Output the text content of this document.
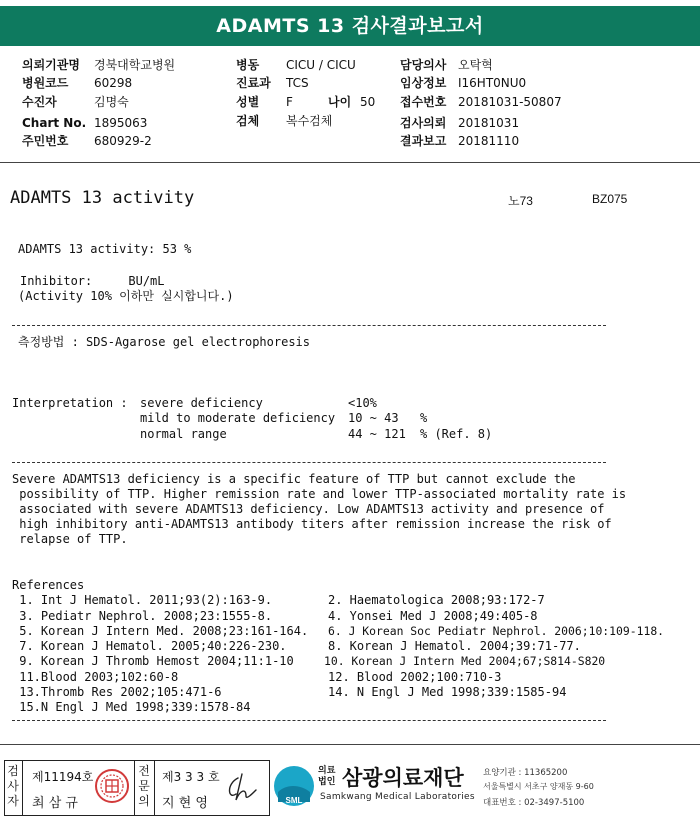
ADAMTS 13 검사결과보고서
의뢰기관명 경북대학교병원
병원코드 60298
수진자	김명숙
Chart No. 1895063
주민번호 680929-2
병동 CICU / CICU
진료과 TCS
성별 F	나이 50
검체 복수검체
담당의사 오탁혁
임상정보 I16HT0NU0
접수번호 20181031-50807
검사의뢰 20181031
결과보고 20181110
ADAMTS 13 activity	노73	BZ075
ADAMTS 13 activity: 53 %
Inhibitor:     BU/mL
(Activity 10% 이하만 실시합니다.)
측정방법 : SDS-Agarose gel electrophoresis
Interpretation : severe deficiency	<10%
mild to moderate deficiency 10 ~ 43 %
normal range	44 ~ 121 % (Ref. 8)
Severe ADAMTS13 deficiency is a specific feature of TTP but cannot exclude the
possibility of TTP. Higher remission rate and lower TTP-associated mortality rate is
associated with severe ADAMTS13 deficiency. Low ADAMTS13 activity and presence of
high inhibitory anti-ADAMTS13 antibody titers after remission increase the risk of
relapse of TTP.
References
1. Int J Hematol. 2011;93(2):163-9.
3. Pediatr Nephrol. 2008;23:1555-8.
5. Korean J Intern Med. 2008;23:161-164.
7. Korean J Hematol. 2005;40:226-230.
9. Korean J Thromb Hemost 2004;11:1-10
11.Blood 2003;102:60-8
13.Thromb Res 2002;105:471-6
15.N Engl J Med 1998;339:1578-84
2. Haematologica 2008;93:172-7
4. Yonsei Med J 2008;49:405-8
6. J Korean Soc Pediatr Nephrol. 2006;10:109-118.
8. Korean J Hematol. 2004;39:71-77.
10. Korean J Intern Med 2004;67;S814-S820
12. Blood 2002;100:710-3
14. N Engl J Med 1998;339:1585-94
검사자
제11194호
최 삼 규
전문의
제3 3 3 호
지 현 영	SML
의료법인 삼광의료재단
Samkwang Medical Laboratories
요양기관 : 11365200
서울특별시 서초구 양재동 9-60
대표번호 : 02-3497-5100
